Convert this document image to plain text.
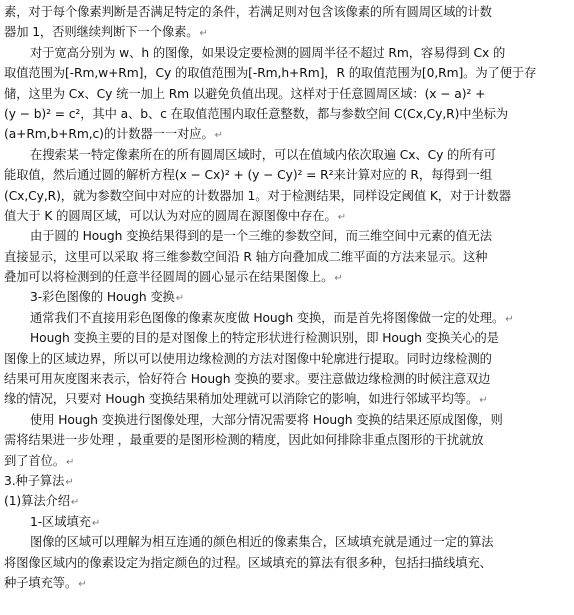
素，对于每个像素判断是否满足特定的条件，若满足则对包含该像素的所有圆周区域的计数
器加 1，否则继续判断下一个像素。↵
对于宽高分别为 w、h 的图像，如果设定要检测的圆周半径不超过 Rm，容易得到 Cx 的
取值范围为[-Rm,w+Rm]，Cy 的取值范围为[-Rm,h+Rm]，R 的取值范围为[0,Rm]。为了便于存
储，这里为 Cx、Cy 统一加上 Rm 以避免负值出现。这样对于任意圆周区域：(x − a)² +
(y − b)² = c²，其中 a、b、c 在取值范围内取任意整数，都与参数空间 C(Cx,Cy,R)中坐标为
(a+Rm,b+Rm,c)的计数器一一对应。↵
在搜索某一特定像素所在的所有圆周区域时，可以在值域内依次取遍 Cx、Cy 的所有可
能取值，然后通过圆的解析方程(x − Cx)² + (y − Cy)² = R²来计算对应的 R，每得到一组
(Cx,Cy,R)，就为参数空间中对应的计数器加 1。对于检测结果，同样设定阈值 K，对于计数器
值大于 K 的圆周区域，可以认为对应的圆周在源图像中存在。↵
由于圆的 Hough 变换结果得到的是一个三维的参数空间，而三维空间中元素的值无法
直接显示，这里可以采取 将三维参数空间沿 R 轴方向叠加成二维平面的方法来显示。这种
叠加可以将检测到的任意半径圆周的圆心显示在结果图像上。↵
3-彩色图像的 Hough 变换↵
通常我们不直接用彩色图像的像素灰度做 Hough 变换，而是首先将图像做一定的处理。↵
Hough 变换主要的目的是对图像上的特定形状进行检测识别，即 Hough 变换关心的是
图像上的区域边界，所以可以使用边缘检测的方法对图像中轮廓进行提取。同时边缘检测的
结果可用灰度图来表示，恰好符合 Hough 变换的要求。要注意做边缘检测的时候注意双边
缘的情况，只要对 Hough 变换结果稍加处理就可以消除它的影响，如进行邻域平均等。↵
使用 Hough 变换进行图像处理，大部分情况需要将 Hough 变换的结果还原成图像，则
需将结果进一步处理 ，最重要的是图形检测的精度，因此如何排除非重点图形的干扰就放
到了首位。↵
3.种子算法↵
(1)算法介绍↵
1-区域填充↵
图像的区域可以理解为相互连通的颜色相近的像素集合，区域填充就是通过一定的算法
将图像区域内的像素设定为指定颜色的过程。区域填充的算法有很多种，包括扫描线填充、
种子填充等。↵
